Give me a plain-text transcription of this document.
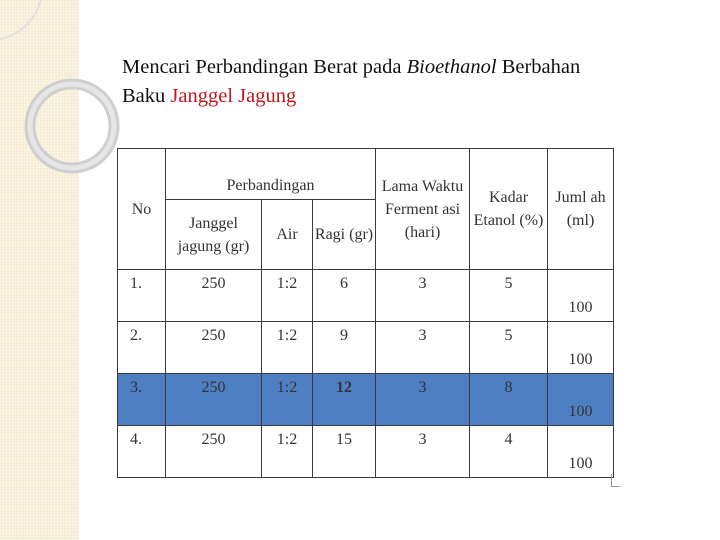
Mencari Perbandingan Berat pada Bioethanol Berbahan
Baku Janggel Jagung
No	Perbandingan			Lama Waktu Ferment asi (hari)	Kadar Etanol (%)	Juml ah (ml)
	Janggel jagung (gr)	Air	Ragi (gr)			
1.	250	1:2	6	3	5	100
2.	250	1:2	9	3	5	100
3.	250	1:2	12	3	8	100
4.	250	1:2	15	3	4	100
